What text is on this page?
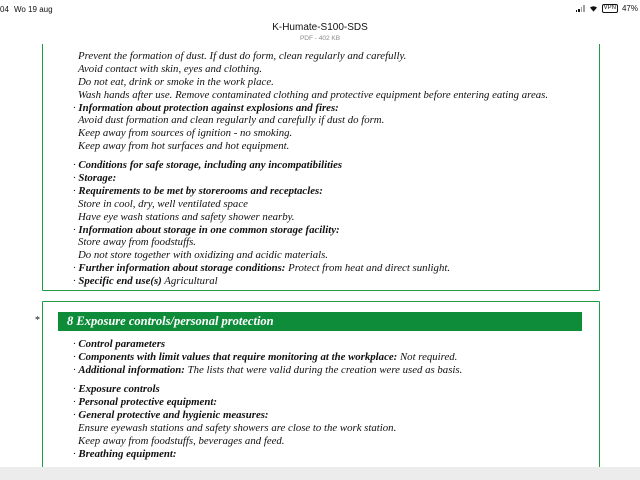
04 Wo 19 aug	VPN 47%
K-Humate-S100-SDS
PDF - 402 KB
Prevent the formation of dust. If dust do form, clean regularly and carefully.
Avoid contact with skin, eyes and clothing.
Do not eat, drink or smoke in the work place.
Wash hands after use. Remove contaminated clothing and protective equipment before entering eating areas.
· Information about protection against explosions and fires:
Avoid dust formation and clean regularly and carefully if dust do form.
Keep away from sources of ignition - no smoking.
Keep away from hot surfaces and hot equipment.
· Conditions for safe storage, including any incompatibilities
· Storage:
· Requirements to be met by storerooms and receptacles:
Store in cool, dry, well ventilated space
Have eye wash stations and safety shower nearby.
· Information about storage in one common storage facility:
Store away from foodstuffs.
Do not store together with oxidizing and acidic materials.
· Further information about storage conditions: Protect from heat and direct sunlight.
· Specific end use(s) Agricultural
*	8 Exposure controls/personal protection
· Control parameters
· Components with limit values that require monitoring at the workplace: Not required.
· Additional information: The lists that were valid during the creation were used as basis.
· Exposure controls
· Personal protective equipment:
· General protective and hygienic measures:
Ensure eyewash stations and safety showers are close to the work station.
Keep away from foodstuffs, beverages and feed.
· Breathing equipment:
